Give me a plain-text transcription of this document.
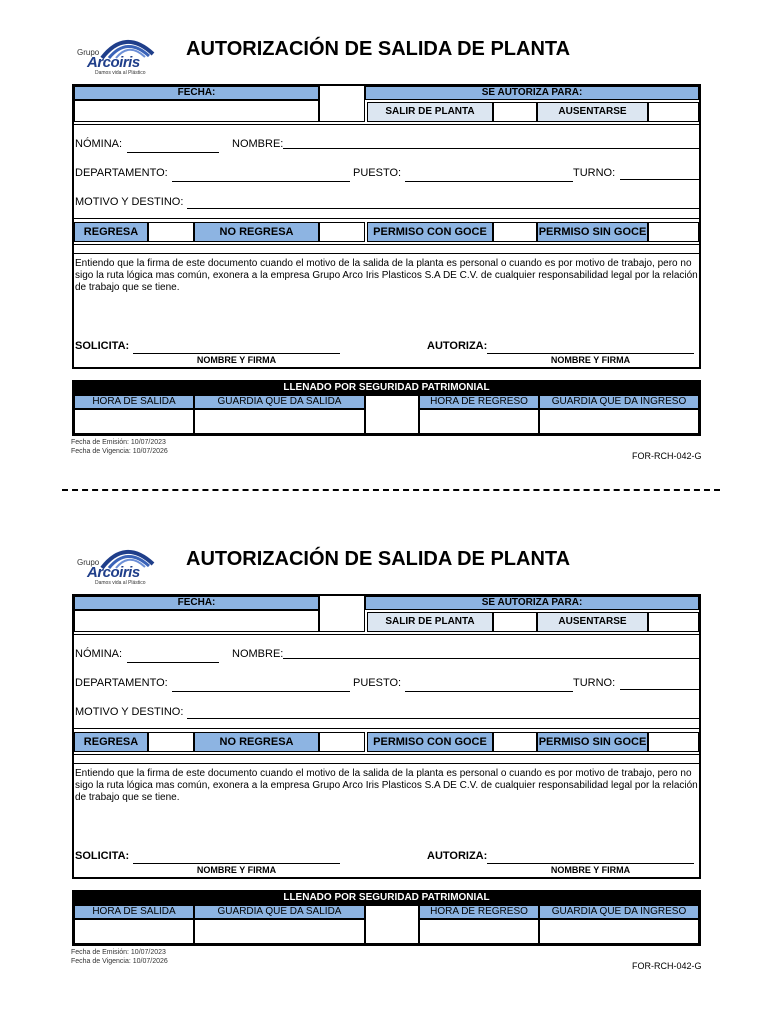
Grupo
Arcoiris
Damos vida al Plástico
AUTORIZACIÓN DE SALIDA DE PLANTA
FECHA:	SE AUTORIZA PARA:
SALIR DE PLANTA	AUSENTARSE
NÓMINA:	NOMBRE:
DEPARTAMENTO:	PUESTO:	TURNO:
MOTIVO Y DESTINO:
REGRESA	NO REGRESA	PERMISO CON GOCE	PERMISO SIN GOCE
Entiendo que la firma de este documento cuando el motivo de la salida de la planta es personal o cuando es por motivo de trabajo, pero no sigo la ruta lógica mas común, exonera a la empresa Grupo Arco Iris Plasticos S.A DE C.V. de cualquier responsabilidad legal por la relación de trabajo que se tiene.
SOLICITA:
NOMBRE Y FIRMA
AUTORIZA:
NOMBRE Y FIRMA
LLENADO POR SEGURIDAD PATRIMONIAL
HORA DE SALIDA	GUARDIA QUE DA SALIDA	HORA DE REGRESO	GUARDIA QUE DA INGRESO
Fecha de Emisión: 10/07/2023
Fecha de Vigencia: 10/07/2026	FOR-RCH-042-G
Grupo
Arcoiris
Damos vida al Plástico
AUTORIZACIÓN DE SALIDA DE PLANTA
FECHA:	SE AUTORIZA PARA:
SALIR DE PLANTA	AUSENTARSE
NÓMINA:	NOMBRE:
DEPARTAMENTO:	PUESTO:	TURNO:
MOTIVO Y DESTINO:
REGRESA	NO REGRESA	PERMISO CON GOCE	PERMISO SIN GOCE
Entiendo que la firma de este documento cuando el motivo de la salida de la planta es personal o cuando es por motivo de trabajo, pero no sigo la ruta lógica mas común, exonera a la empresa Grupo Arco Iris Plasticos S.A DE C.V. de cualquier responsabilidad legal por la relación de trabajo que se tiene.
SOLICITA:
NOMBRE Y FIRMA
AUTORIZA:
NOMBRE Y FIRMA
LLENADO POR SEGURIDAD PATRIMONIAL
HORA DE SALIDA	GUARDIA QUE DA SALIDA	HORA DE REGRESO	GUARDIA QUE DA INGRESO
Fecha de Emisión: 10/07/2023
Fecha de Vigencia: 10/07/2026	FOR-RCH-042-G
